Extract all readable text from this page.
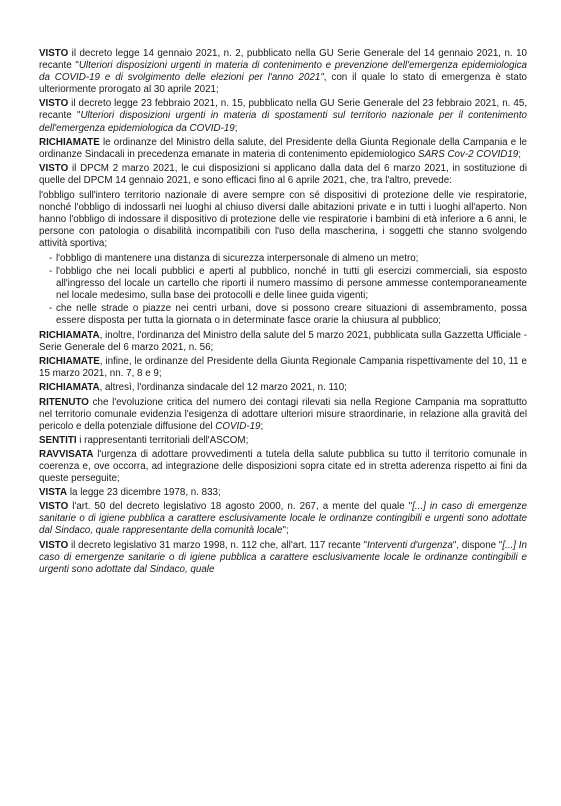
VISTO il decreto legge 14 gennaio 2021, n. 2, pubblicato nella GU Serie Generale del 14 gennaio 2021, n. 10 recante "Ulteriori disposizioni urgenti in materia di contenimento e prevenzione dell'emergenza epidemiologica da COVID-19 e di svolgimento delle elezioni per l'anno 2021", con il quale lo stato di emergenza è stato ulteriormente prorogato al 30 aprile 2021;

VISTO il decreto legge 23 febbraio 2021, n. 15, pubblicato nella GU Serie Generale del 23 febbraio 2021, n. 45, recante "Ulteriori disposizioni urgenti in materia di spostamenti sul territorio nazionale per il contenimento dell'emergenza epidemiologica da COVID-19;

RICHIAMATE le ordinanze del Ministro della salute, del Presidente della Giunta Regionale della Campania e le ordinanze Sindacali in precedenza emanate in materia di contenimento epidemiologico SARS Cov-2 COVID19;

VISTO il DPCM 2 marzo 2021, le cui disposizioni si applicano dalla data del 6 marzo 2021, in sostituzione di quelle del DPCM 14 gennaio 2021, e sono efficaci fino al 6 aprile 2021, che, tra l'altro, prevede:

l'obbligo sull'intero territorio nazionale di avere sempre con sé dispositivi di protezione delle vie respiratorie, nonché l'obbligo di indossarli nei luoghi al chiuso diversi dalle abitazioni private e in tutti i luoghi all'aperto. Non hanno l'obbligo di indossare il dispositivo di protezione delle vie respiratorie i bambini di età inferiore a 6 anni, le persone con patologia o disabilità incompatibili con l'uso della mascherina, i soggetti che stanno svolgendo attività sportiva;

- l'obbligo di mantenere una distanza di sicurezza interpersonale di almeno un metro;
- l'obbligo che nei locali pubblici e aperti al pubblico, nonché in tutti gli esercizi commerciali, sia esposto all'ingresso del locale un cartello che riporti il numero massimo di persone ammesse contemporaneamente nel locale medesimo, sulla base dei protocolli e delle linee guida vigenti;
- che nelle strade o piazze nei centri urbani, dove si possono creare situazioni di assembramento, possa essere disposta per tutta la giornata o in determinate fasce orarie la chiusura al pubblico;

RICHIAMATA, inoltre, l'ordinanza del Ministro della salute del 5 marzo 2021, pubblicata sulla Gazzetta Ufficiale - Serie Generale del 6 marzo 2021, n. 56;

RICHIAMATE, infine, le ordinanze del Presidente della Giunta Regionale Campania rispettivamente del 10, 11 e 15 marzo 2021, nn. 7, 8 e 9;

RICHIAMATA, altresì, l'ordinanza sindacale del 12 marzo 2021, n. 110;

RITENUTO che l'evoluzione critica del numero dei contagi rilevati sia nella Regione Campania ma soprattutto nel territorio comunale evidenzia l'esigenza di adottare ulteriori misure straordinarie, in relazione alla gravità del pericolo e della potenziale diffusione del COVID-19;

SENTITI i rappresentanti territoriali dell'ASCOM;

RAVVISATA l'urgenza di adottare provvedimenti a tutela della salute pubblica su tutto il territorio comunale in coerenza e, ove occorra, ad integrazione delle disposizioni sopra citate ed in stretta aderenza rispetto ai fini da queste perseguite;

VISTA la legge 23 dicembre 1978, n. 833;

VISTO l'art. 50 del decreto legislativo 18 agosto 2000, n. 267, a mente del quale "[...] in caso di emergenze sanitarie o di igiene pubblica a carattere esclusivamente locale le ordinanze contingibili e urgenti sono adottate dal Sindaco, quale rappresentante della comunità locale";

VISTO il decreto legislativo 31 marzo 1998, n. 112 che, all'art. 117 recante "Interventi d'urgenza", dispone "[...] In caso di emergenze sanitarie o di igiene pubblica a carattere esclusivamente locale le ordinanze contingibili e urgenti sono adottate dal Sindaco, quale
